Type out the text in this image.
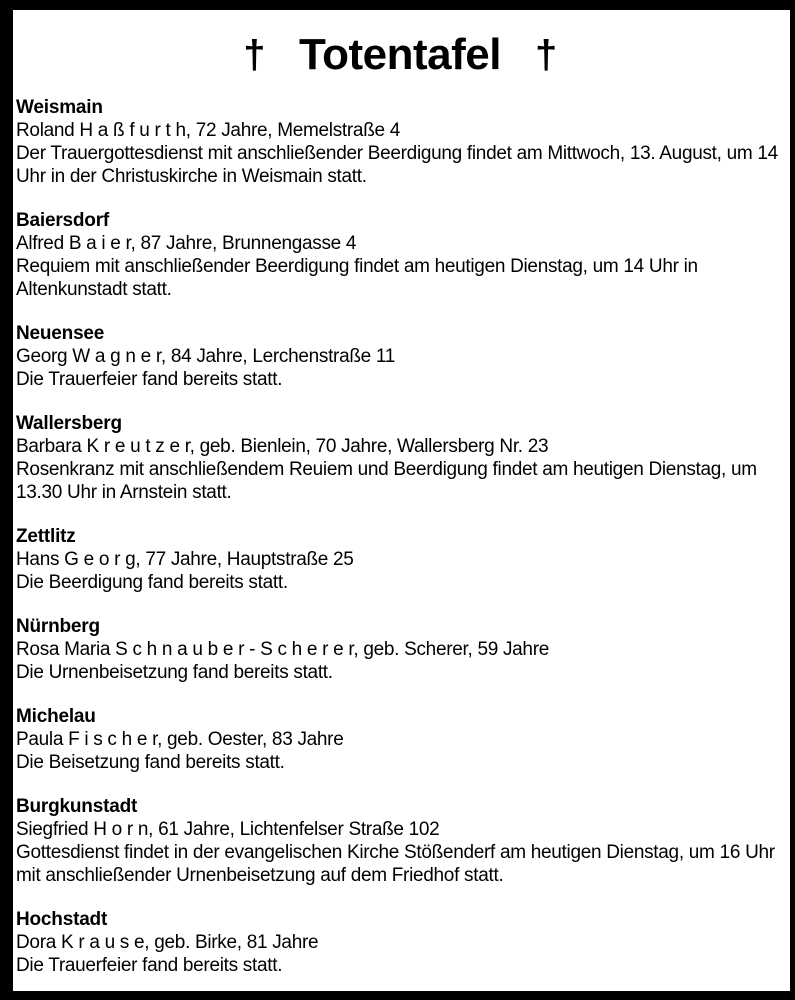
† Totentafel †
Weismain

Roland H a ß f u r t h, 72 Jahre, Memelstraße 4

Der Trauergottesdienst mit anschließender Beerdigung findet am Mittwoch, 13. August, um 14 Uhr in der Christuskirche in Weismain statt.

Baiersdorf

Alfred B a i e r, 87 Jahre, Brunnengasse 4

Requiem mit anschließender Beerdigung findet am heutigen Dienstag, um 14 Uhr in Altenkunstadt statt.

Neuensee

Georg W a g n e r, 84 Jahre, Lerchenstraße 11

Die Trauerfeier fand bereits statt.

Wallersberg

Barbara K r e u t z e r, geb. Bienlein, 70 Jahre, Wallersberg Nr. 23

Rosenkranz mit anschließendem Reuiem und Beerdigung findet am heutigen Dienstag, um 13.30 Uhr in Arnstein statt.

Zettlitz

Hans G e o r g, 77 Jahre, Hauptstraße 25

Die Beerdigung fand bereits statt.

Nürnberg

Rosa Maria S c h n a u b e r - S c h e r e r, geb. Scherer, 59 Jahre

Die Urnenbeisetzung fand bereits statt.

Michelau

Paula F i s c h e r, geb. Oester, 83 Jahre

Die Beisetzung fand bereits statt.

Burgkunstadt

Siegfried H o r n, 61 Jahre, Lichtenfelser Straße 102

Gottesdienst findet in der evangelischen Kirche Stößenderf am heutigen Dienstag, um 16 Uhr mit anschließender Urnenbeisetzung auf dem Friedhof statt.

Hochstadt

Dora K r a u s e, geb. Birke, 81 Jahre

Die Trauerfeier fand bereits statt.
